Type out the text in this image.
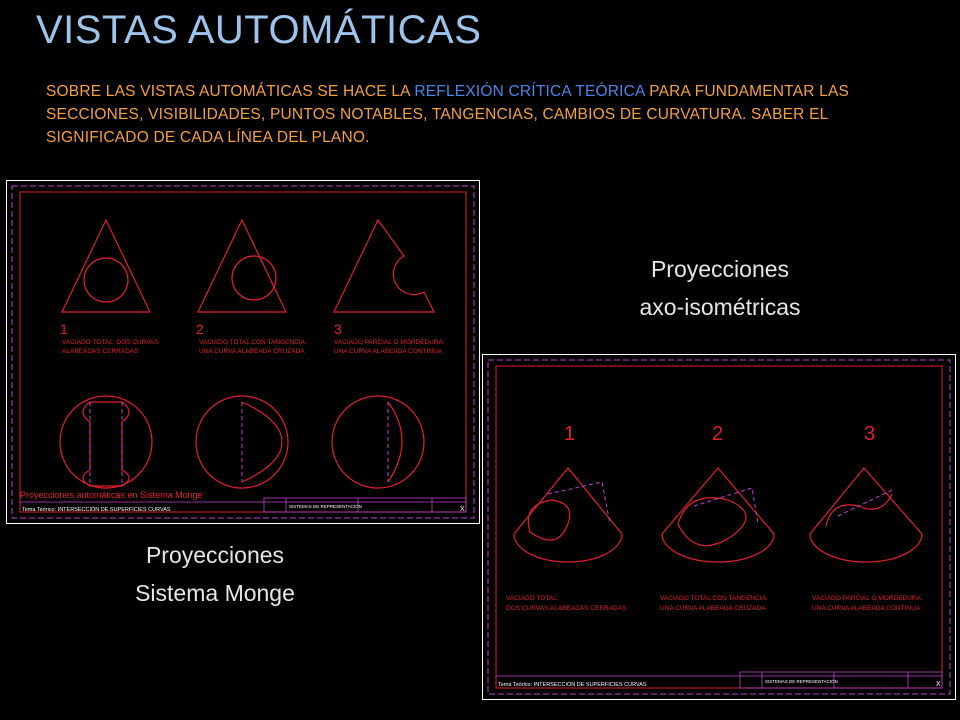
VISTAS AUTOMÁTICAS
SOBRE LAS VISTAS AUTOMÁTICAS SE HACE LA REFLEXIÓN CRÍTICA TEÓRICA PARA FUNDAMENTAR LAS SECCIONES, VISIBILIDADES, PUNTOS NOTABLES, TANGENCIAS, CAMBIOS DE CURVATURA. SABER EL SIGNIFICADO DE CADA LÍNEA DEL PLANO.
1	2	3
VACIADO TOTAL: DOS CURVAS
ALABEADAS CERRADAS
VACIADO TOTAL CON TANGENCIA:
UNA CURVA ALABEADA CRUZADA
VACIADO PARCIAL O MORDEDURA:
UNA CURVA ALABEADA CONTINUA
Proyecciones automáticas en Sistema Monge
Tema Teórico: INTERSECCIÓN DE SUPERFICIES CURVAS
SISTEMAS DE REPRESENTACIÓN	X
Proyecciones
Sistema Monge
Proyecciones
axo-isométricas
1	2	3
VACIADO TOTAL:
DOS CURVAS ALABEADAS CERRADAS
VACIADO TOTAL CON TANGENCIA:
UNA CURVA ALABEADA CRUZADA
VACIADO PARCIAL O MORDEDURA:
UNA CURVA ALABEADA CONTINUA
Tema Teórico: INTERSECCIÓN DE SUPERFICIES CURVAS
SISTEMAS DE REPRESENTACIÓN	X
